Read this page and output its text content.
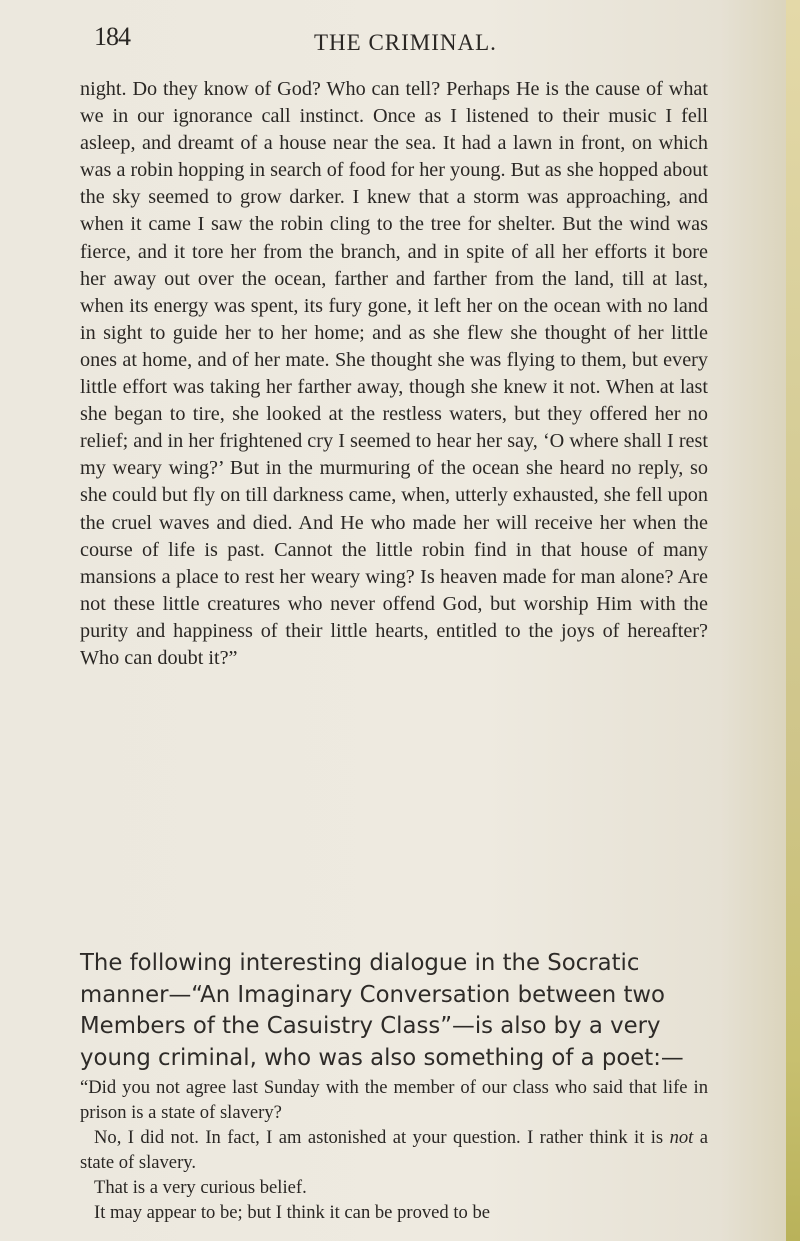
184	THE CRIMINAL.

night. Do they know of God? Who can tell? Perhaps He is the cause of what we in our ignorance call instinct. Once as I listened to their music I fell asleep, and dreamt of a house near the sea. It had a lawn in front, on which was a robin hopping in search of food for her young. But as she hopped about the sky seemed to grow darker. I knew that a storm was approaching, and when it came I saw the robin cling to the tree for shelter. But the wind was fierce, and it tore her from the branch, and in spite of all her efforts it bore her away out over the ocean, farther and farther from the land, till at last, when its energy was spent, its fury gone, it left her on the ocean with no land in sight to guide her to her home; and as she flew she thought of her little ones at home, and of her mate. She thought she was flying to them, but every little effort was taking her farther away, though she knew it not. When at last she began to tire, she looked at the restless waters, but they offered her no relief; and in her frightened cry I seemed to hear her say, ‘O where shall I rest my weary wing?’ But in the murmuring of the ocean she heard no reply, so she could but fly on till darkness came, when, utterly exhausted, she fell upon the cruel waves and died. And He who made her will receive her when the course of life is past. Cannot the little robin find in that house of many mansions a place to rest her weary wing? Is heaven made for man alone? Are not these little creatures who never offend God, but worship Him with the purity and happiness of their little hearts, entitled to the joys of hereafter? Who can doubt it?”

The following interesting dialogue in the Socratic manner—“An Imaginary Conversation between two Members of the Casuistry Class”—is also by a very young criminal, who was also something of a poet:—

“Did you not agree last Sunday with the member of our class who said that life in prison is a state of slavery?

No, I did not. In fact, I am astonished at your question. I rather think it is not a state of slavery.

That is a very curious belief.

It may appear to be; but I think it can be proved to be
